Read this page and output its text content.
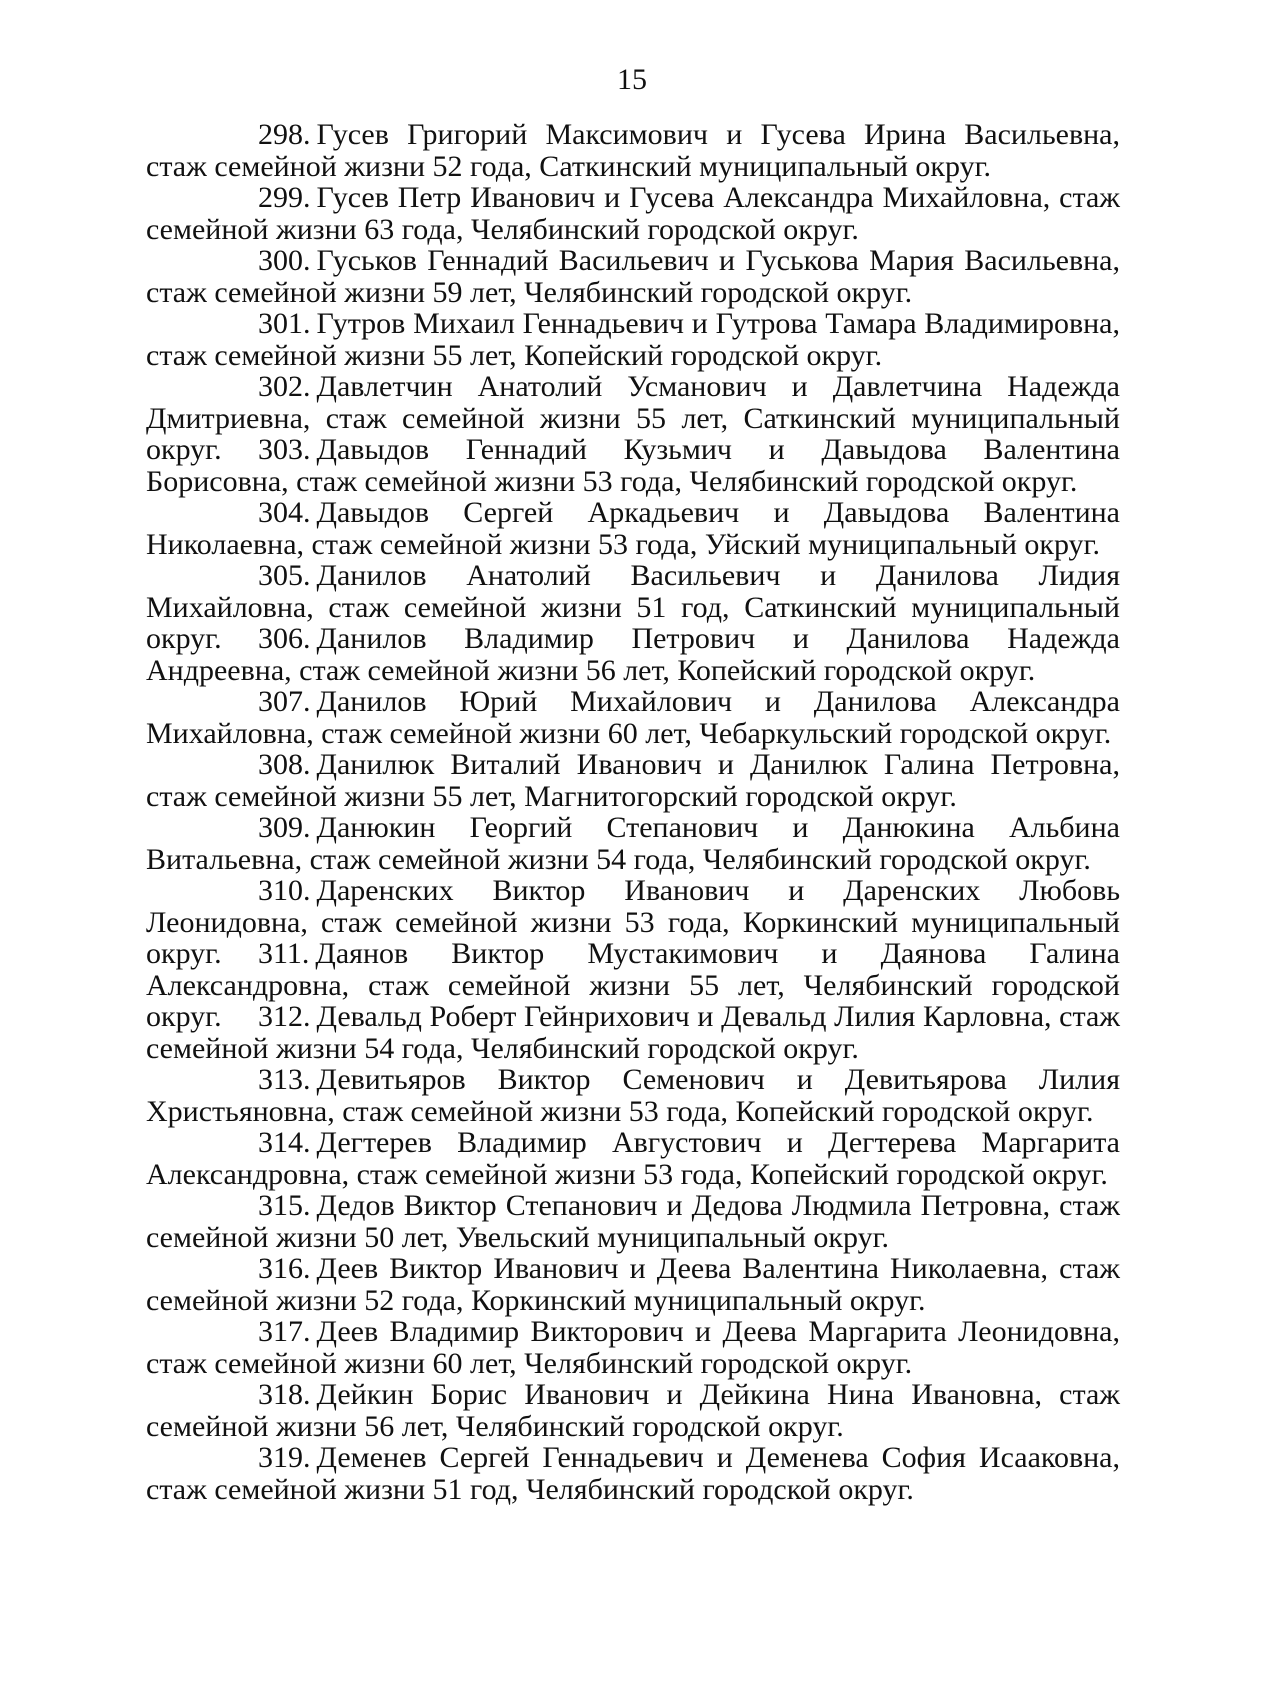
15
298. Гусев Григорий Максимович и Гусева Ирина Васильевна, стаж семейной жизни 52 года, Саткинский муниципальный округ.
299. Гусев Петр Иванович и Гусева Александра Михайловна, стаж семейной жизни 63 года, Челябинский городской округ.
300. Гуськов Геннадий Васильевич и Гуськова Мария Васильевна, стаж семейной жизни 59 лет, Челябинский городской округ.
301. Гутров Михаил Геннадьевич и Гутрова Тамара Владимировна, стаж семейной жизни 55 лет, Копейский городской округ.
302. Давлетчин Анатолий Усманович и Давлетчина Надежда Дмитриевна, стаж семейной жизни 55 лет, Саткинский муниципальный округ.	303. Давыдов Геннадий Кузьмич и Давыдова Валентина Борисовна, стаж семейной жизни 53 года, Челябинский городской округ.
304. Давыдов Сергей Аркадьевич и Давыдова Валентина Николаевна, стаж семейной жизни 53 года, Уйский муниципальный округ.
305. Данилов Анатолий Васильевич и Данилова Лидия Михайловна, стаж семейной жизни 51 год, Саткинский муниципальный округ.	306. Данилов Владимир Петрович и Данилова Надежда Андреевна, стаж семейной жизни 56 лет, Копейский городской округ.
307. Данилов Юрий Михайлович и Данилова Александра Михайловна, стаж семейной жизни 60 лет, Чебаркульский городской округ.
308. Данилюк Виталий Иванович и Данилюк Галина Петровна, стаж семейной жизни 55 лет, Магнитогорский городской округ.
309. Данюкин Георгий Степанович и Данюкина Альбина Витальевна, стаж семейной жизни 54 года, Челябинский городской округ.
310. Даренских Виктор Иванович и Даренских Любовь Леонидовна, стаж семейной жизни 53 года, Коркинский муниципальный округ.	311. Даянов Виктор Мустакимович и Даянова Галина Александровна, стаж семейной жизни 55 лет, Челябинский городской округ.	312. Девальд Роберт Гейнрихович и Девальд Лилия Карловна, стаж семейной жизни 54 года, Челябинский городской округ.
313. Девитьяров Виктор Семенович и Девитьярова Лилия Христьяновна, стаж семейной жизни 53 года, Копейский городской округ.
314. Дегтерев Владимир Августович и Дегтерева Маргарита Александровна, стаж семейной жизни 53 года, Копейский городской округ.
315. Дедов Виктор Степанович и Дедова Людмила Петровна, стаж семейной жизни 50 лет, Увельский муниципальный округ.
316. Деев Виктор Иванович и Деева Валентина Николаевна, стаж семейной жизни 52 года, Коркинский муниципальный округ.
317. Деев Владимир Викторович и Деева Маргарита Леонидовна, стаж семейной жизни 60 лет, Челябинский городской округ.
318. Дейкин Борис Иванович и Дейкина Нина Ивановна, стаж семейной жизни 56 лет, Челябинский городской округ.
319. Деменев Сергей Геннадьевич и Деменева София Исааковна, стаж семейной жизни 51 год, Челябинский городской округ.
